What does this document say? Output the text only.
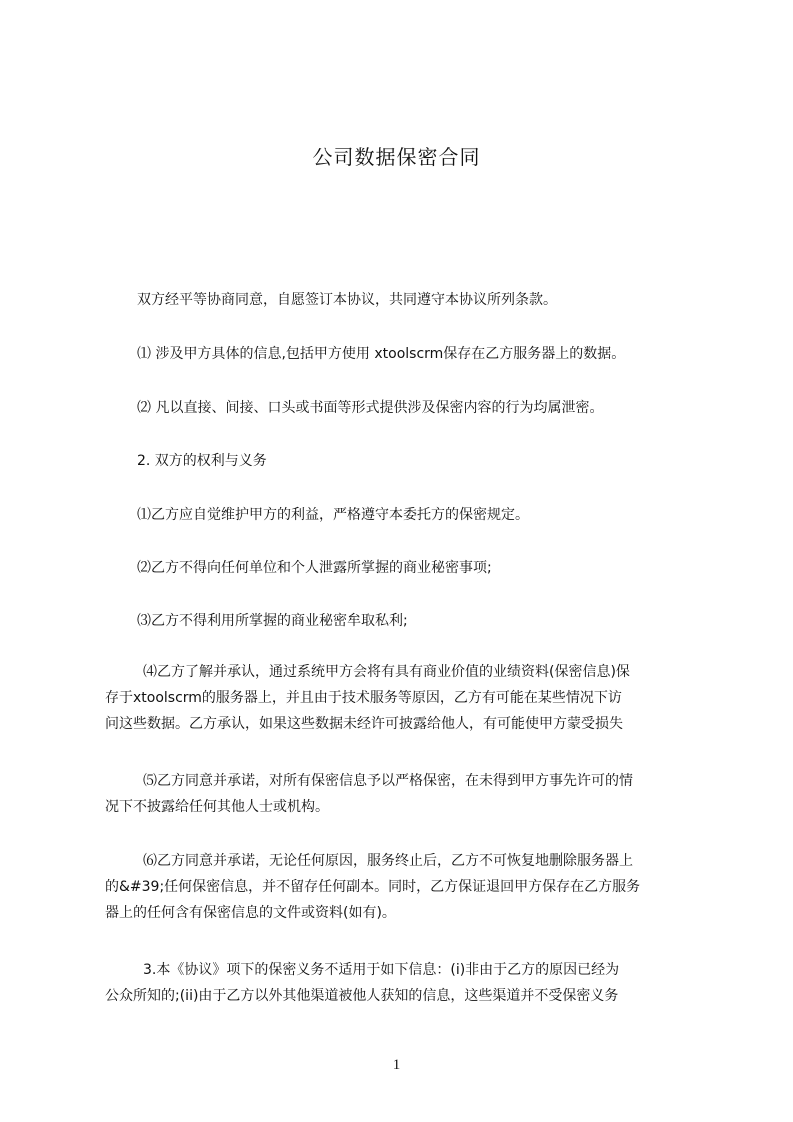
公司数据保密合同

双方经平等协商同意，自愿签订本协议，共同遵守本协议所列条款。

⑴ 涉及甲方具体的信息,包括甲方使用 xtoolscrm保存在乙方服务器上的数据。

⑵ 凡以直接、间接、口头或书面等形式提供涉及保密内容的行为均属泄密。

2. 双方的权利与义务

⑴乙方应自觉维护甲方的利益，严格遵守本委托方的保密规定。

⑵乙方不得向任何单位和个人泄露所掌握的商业秘密事项;

⑶乙方不得利用所掌握的商业秘密牟取私利;

⑷乙方了解并承认，通过系统甲方会将有具有商业价值的业绩资料(保密信息)保
存于xtoolscrm的服务器上，并且由于技术服务等原因，乙方有可能在某些情况下访
问这些数据。乙方承认，如果这些数据未经许可披露给他人，有可能使甲方蒙受损失

⑸乙方同意并承诺，对所有保密信息予以严格保密，在未得到甲方事先许可的情
况下不披露给任何其他人士或机构。

⑹乙方同意并承诺，无论任何原因，服务终止后，乙方不可恢复地删除服务器上
的&#39;任何保密信息，并不留存任何副本。同时，乙方保证退回甲方保存在乙方服务
器上的任何含有保密信息的文件或资料(如有)。

3.本《协议》项下的保密义务不适用于如下信息：(i)非由于乙方的原因已经为
公众所知的;(ii)由于乙方以外其他渠道被他人获知的信息，这些渠道并不受保密义务

1
